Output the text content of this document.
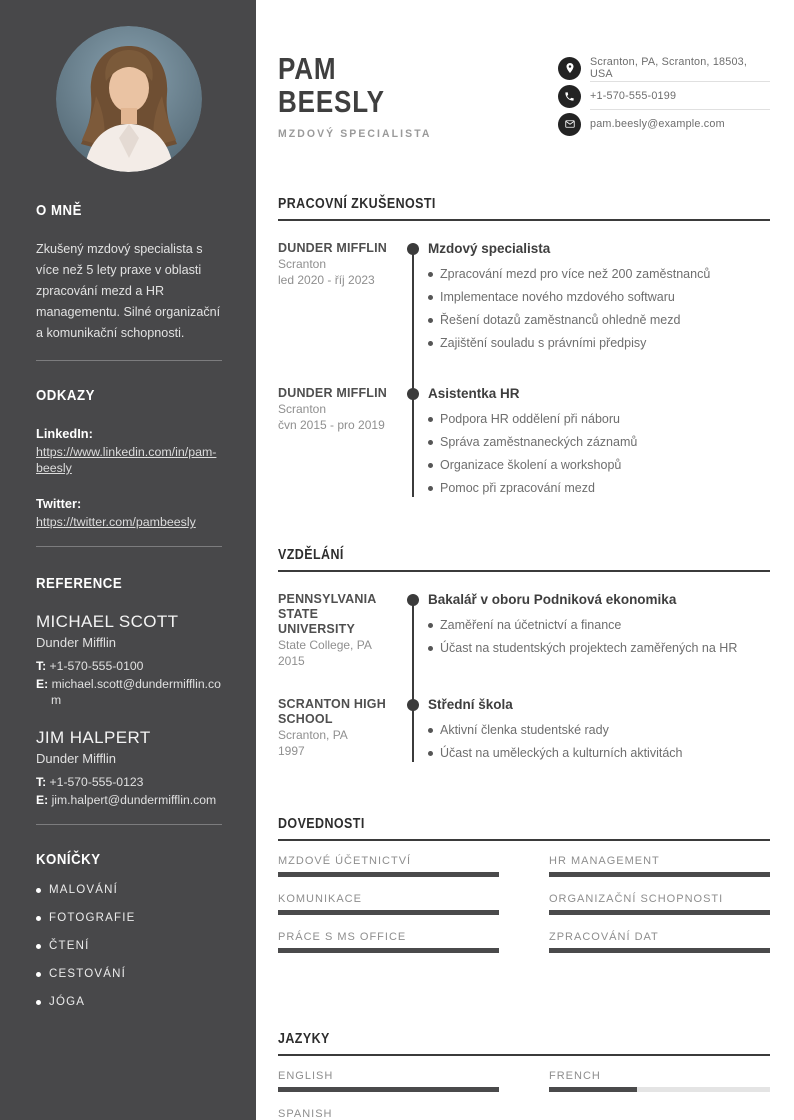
O MNĚ

Zkušený mzdový specialista s více než 5 lety praxe v oblasti zpracování mezd a HR managementu. Silné organizační a komunikační schopnosti.

ODKAZY
LinkedIn:
https://www.linkedin.com/in/pam-beesly
Twitter:
https://twitter.com/pambeesly
REFERENCE
MICHAEL SCOTT
Dunder Mifflin
T: +1-570-555-0100
E: michael.scott@dundermifflin.com
JIM HALPERT
Dunder Mifflin
T: +1-570-555-0123
E: jim.halpert@dundermifflin.com
KONÍČKY
MALOVÁNÍ
FOTOGRAFIE
ČTENÍ
CESTOVÁNÍ
JÓGA
PAM
BEESLY
MZDOVÝ SPECIALISTA
Scranton, PA, Scranton, 18503, USA
+1-570-555-0199
pam.beesly@example.com
PRACOVNÍ ZKUŠENOSTI
DUNDER MIFFLIN
Scranton
led 2020 - říj 2023
Mzdový specialista
Zpracování mezd pro více než 200 zaměstnanců
Implementace nového mzdového softwaru
Řešení dotazů zaměstnanců ohledně mezd
Zajištění souladu s právními předpisy
DUNDER MIFFLIN
Scranton
čvn 2015 - pro 2019
Asistentka HR
Podpora HR oddělení při náboru
Správa zaměstnaneckých záznamů
Organizace školení a workshopů
Pomoc při zpracování mezd
VZDĚLÁNÍ
PENNSYLVANIA STATE UNIVERSITY
State College, PA
2015
Bakalář v oboru Podniková ekonomika
Zaměření na účetnictví a finance
Účast na studentských projektech zaměřených na HR
SCRANTON HIGH SCHOOL
Scranton, PA
1997
Střední škola
Aktivní členka studentské rady
Účast na uměleckých a kulturních aktivitách
DOVEDNOSTI
MZDOVÉ ÚČETNICTVÍ
KOMUNIKACE
PRÁCE S MS OFFICE
HR MANAGEMENT
ORGANIZAČNÍ SCHOPNOSTI
ZPRACOVÁNÍ DAT
JAZYKY
ENGLISH
SPANISH
FRENCH
